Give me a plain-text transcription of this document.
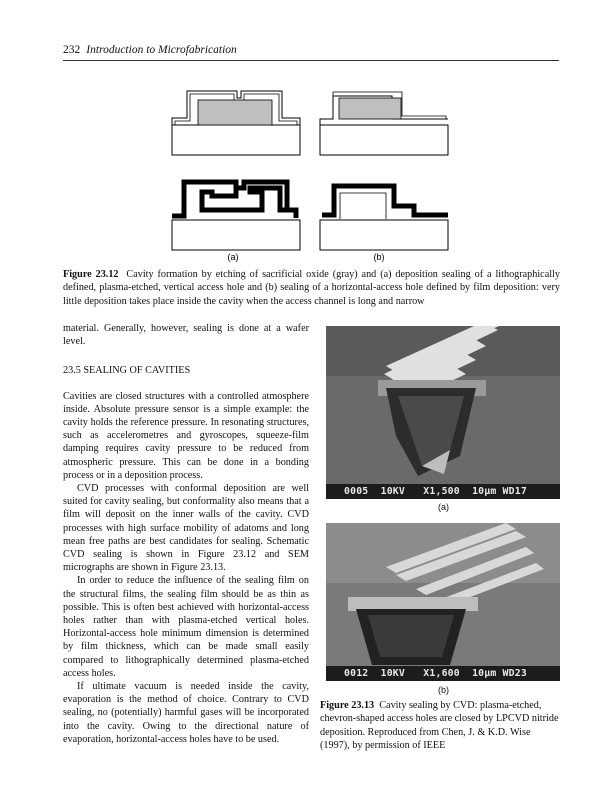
232 Introduction to Microfabrication
(a)	(b)
Figure 23.12 Cavity formation by etching of sacrificial oxide (gray) and (a) deposition sealing of a lithographically defined, plasma-etched, vertical access hole and (b) sealing of a horizontal-access hole defined by film deposition: very little deposition takes place inside the cavity when the access channel is long and narrow

material. Generally, however, sealing is done at a wafer level.

23.5 SEALING OF CAVITIES

Cavities are closed structures with a controlled atmosphere inside. Absolute pressure sensor is a simple example: the cavity holds the reference pressure. In resonating structures, such as accelerometres and gyroscopes, squeeze-film damping requires cavity pressure to be reduced from atmospheric pressure. This can be done in a bonding process or in a deposition process.

CVD processes with conformal deposition are well suited for cavity sealing, but conformality also means that a film will deposit on the inner walls of the cavity. CVD processes with high surface mobility of adatoms and long mean free paths are best candidates for sealing. Schematic CVD sealing is shown in Figure 23.12 and SEM micrographs are shown in Figure 23.13.

In order to reduce the influence of the sealing film on the structural films, the sealing film should be as thin as possible. This is often best achieved with horizontal-access holes rather than with plasma-etched vertical holes. Horizontal-access hole minimum dimension is determined by film thickness, which can be made small easily compared to lithographically determined plasma-etched access holes.

If ultimate vacuum is needed inside the cavity, evaporation is the method of choice. Contrary to CVD sealing, no (potentially) harmful gases will be incorporated into the cavity. Owing to the directional nature of evaporation, horizontal-access holes have to be used.

0005  10KV   X1,500  10µm WD17
(a)
0012  10KV   X1,600  10µm WD23
(b)
Figure 23.13 Cavity sealing by CVD: plasma-etched, chevron-shaped access holes are closed by LPCVD nitride deposition. Reproduced from Chen, J. & K.D. Wise (1997), by permission of IEEE
